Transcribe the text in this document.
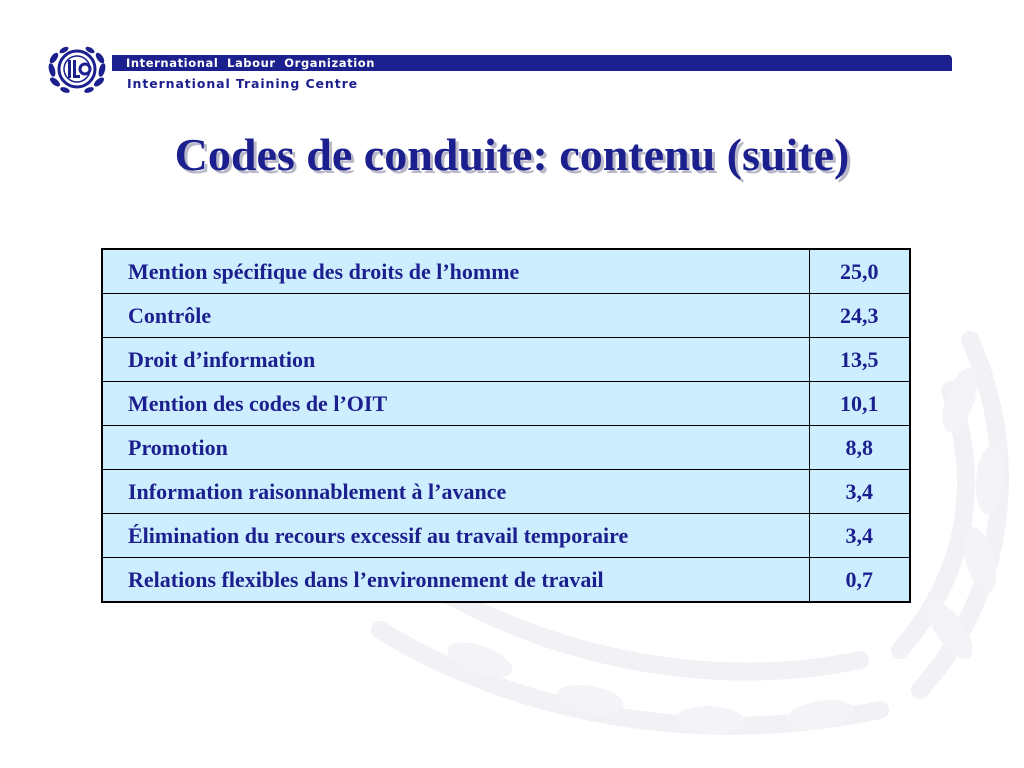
International Labour Organization
International Training Centre
Codes de conduite: contenu (suite)
Mention spécifique des droits de l’homme	25,0
Contrôle	24,3
Droit d’information	13,5
Mention des codes de l’OIT	10,1
Promotion	8,8
Information raisonnablement à l’avance	3,4
Élimination du recours excessif au travail temporaire	3,4
Relations flexibles dans l’environnement de travail	0,7
